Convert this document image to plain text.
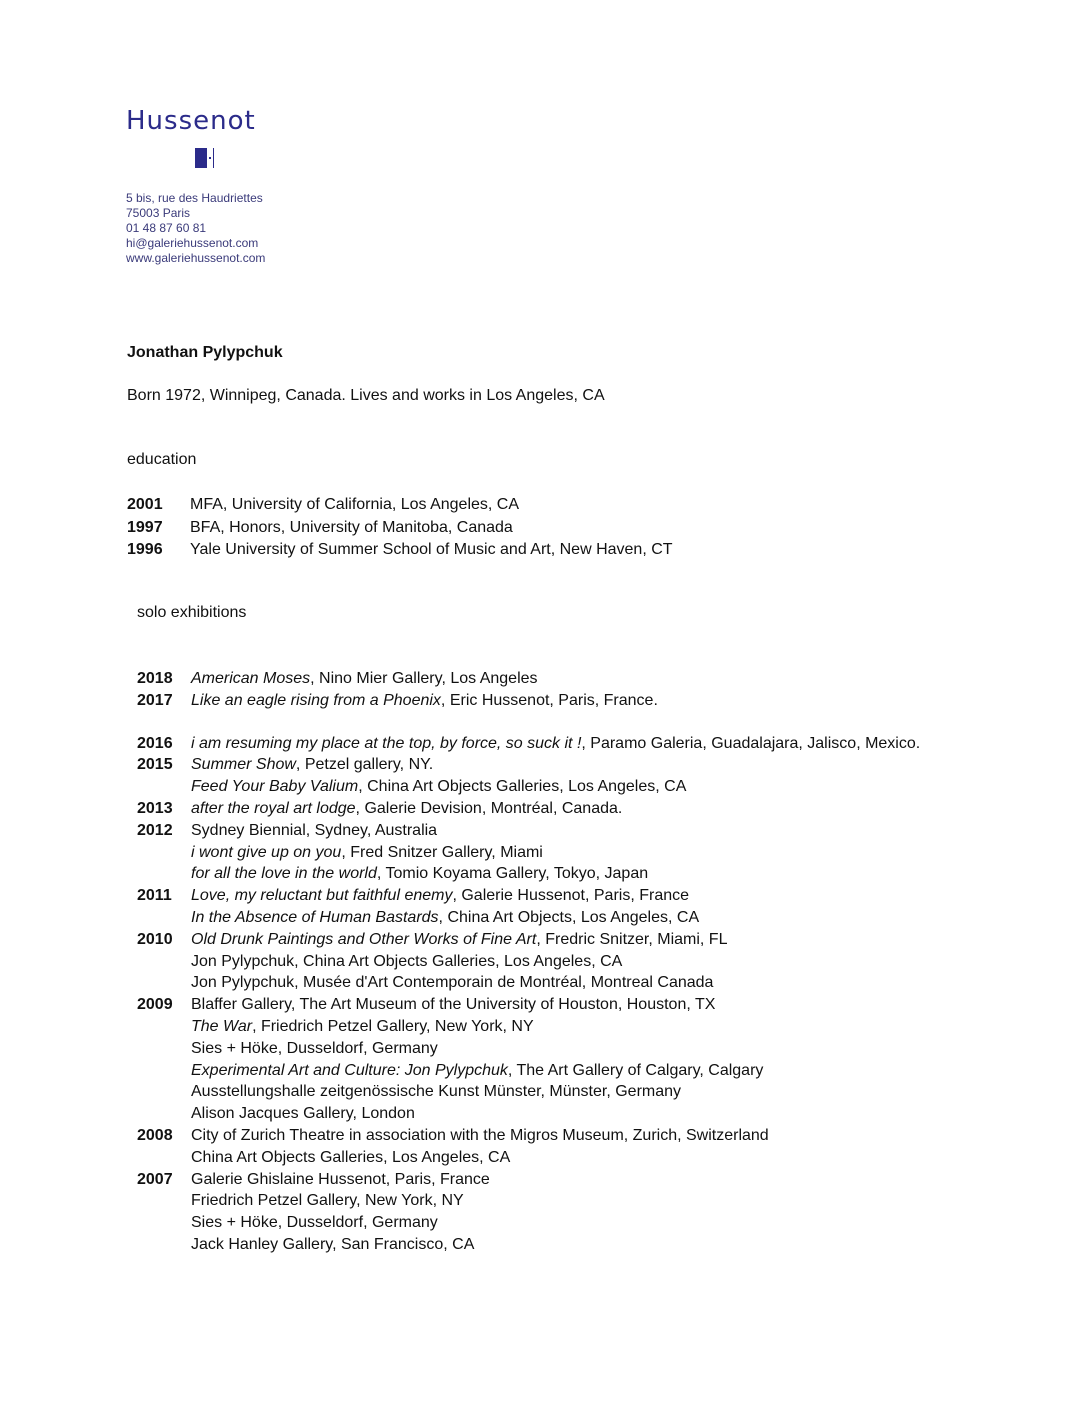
Hussenot
5 bis, rue des Haudriettes
75003 Paris
01 48 87 60 81
hi@galeriehussenot.com
www.galeriehussenot.com
Jonathan Pylypchuk
Born 1972, Winnipeg, Canada. Lives and works in Los Angeles, CA
education
2001	MFA, University of California, Los Angeles, CA
1997	BFA, Honors, University of Manitoba, Canada
1996	Yale University of Summer School of Music and Art, New Haven, CT
solo exhibitions
2018	American Moses, Nino Mier Gallery, Los Angeles
2017	Like an eagle rising from a Phoenix, Eric Hussenot, Paris, France.
2016	i am resuming my place at the top, by force, so suck it !, Paramo Galeria, Guadalajara, Jalisco, Mexico.
2015	Summer Show, Petzel gallery, NY.
Feed Your Baby Valium, China Art Objects Galleries, Los Angeles, CA
2013	after the royal art lodge, Galerie Devision, Montréal, Canada.
2012	Sydney Biennial, Sydney, Australia
i wont give up on you, Fred Snitzer Gallery, Miami
for all the love in the world, Tomio Koyama Gallery, Tokyo, Japan
2011	Love, my reluctant but faithful enemy, Galerie Hussenot, Paris, France
In the Absence of Human Bastards, China Art Objects, Los Angeles, CA
2010	Old Drunk Paintings and Other Works of Fine Art, Fredric Snitzer, Miami, FL
Jon Pylypchuk, China Art Objects Galleries, Los Angeles, CA
Jon Pylypchuk, Musée d'Art Contemporain de Montréal, Montreal Canada
2009	Blaffer Gallery, The Art Museum of the University of Houston, Houston, TX
The War, Friedrich Petzel Gallery, New York, NY
Sies + Höke, Dusseldorf, Germany
Experimental Art and Culture: Jon Pylypchuk, The Art Gallery of Calgary, Calgary
Ausstellungshalle zeitgenössische Kunst Münster, Münster, Germany
Alison Jacques Gallery, London
2008	City of Zurich Theatre in association with the Migros Museum, Zurich, Switzerland
China Art Objects Galleries, Los Angeles, CA
2007	Galerie Ghislaine Hussenot, Paris, France
Friedrich Petzel Gallery, New York, NY
Sies + Höke, Dusseldorf, Germany
Jack Hanley Gallery, San Francisco, CA
